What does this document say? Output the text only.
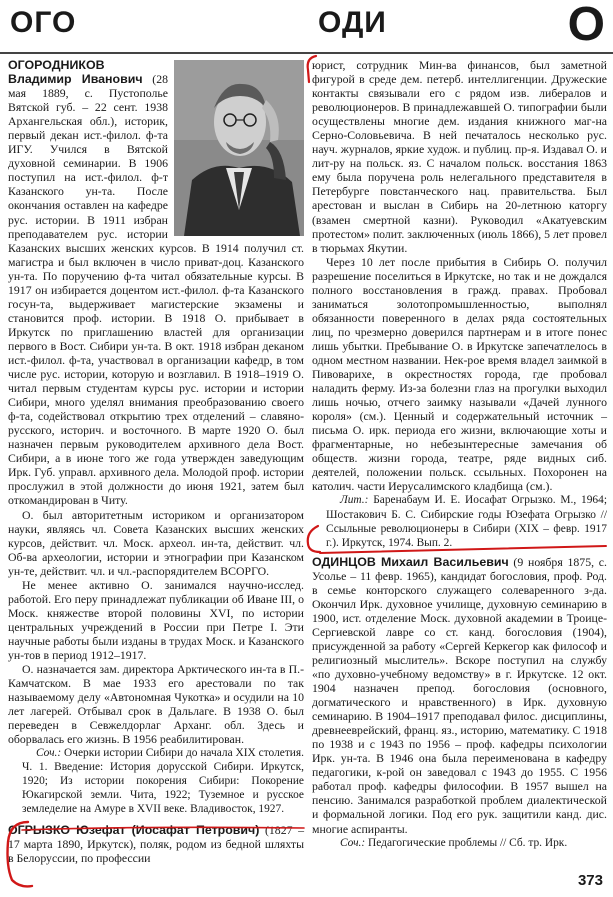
ОГО	ОДИ	О

ОГОРОДНИКОВ Владимир Иванович (28 мая 1889, с. Пустопольe Вятской губ. – 22 сент. 1938 Архангельская обл.), историк, первый декан ист.-филол. ф-та ИГУ. Учился в Вятской духовной семинарии. В 1906 поступил на ист.-филол. ф-т Казанского ун-та. После окончания оставлен на кафедре рус. истории. В 1911 избран преподавателем рус. истории Казанских высших женских курсов. В 1914 получил ст. магистра и был включен в число приват-доц. Казанского ун-та. По поручению ф-та читал обязательные курсы. В 1917 он избирается доцентом ист.-филол. ф-та Казанского госун-та, выдерживает магистерские экзамены и становится проф. истории. В 1918 О. прибывает в Иркутск по приглашению властей для организации первого в Вост. Сибири ун-та. В окт. 1918 избран деканом ист.-филол. ф-та, участвовал в организации кафедр, в том числе рус. истории, которую и возглавил. В 1918–1919 О. читал первым студентам курсы рус. истории и истории Сибири, много уделял внимания преобразованию своего ф-та, содействовал открытию трех отделений – славяно-русского, историч. и восточного. В марте 1920 О. был назначен первым руководителем архивного дела Вост. Сибири, а в июне того же года утвержден заведующим Ирк. Губ. управл. архивного дела. Молодой проф. истории прослужил в этой должности до июня 1921, затем был откомандирован в Читу.

О. был авторитетным историком и организатором науки, являясь чл. Совета Казанских высших женских курсов, действит. чл. Моск. археол. ин-та, действит. чл. Об-ва археологии, истории и этнографии при Казанском ун-те, действит. чл. и чл.-распорядителем ВСОРГО.

Не менее активно О. занимался научно-исслед. работой. Его перу принадлежат публикации об Иване III, о Моск. княжестве второй половины XVI, по истории центральных учреждений в России при Петре I. Эти научные работы были изданы в трудах Моск. и Казанского ун-тов в период 1912–1917.

О. назначается зам. директора Арктического ин-та в П.-Камчатском. В мае 1933 его арестовали по так называемому делу «Автономная Чукотка» и осудили на 10 лет лагерей. Отбывал срок в Дальлаге. В 1938 О. был переведен в Севжелдорлаг Арханг. обл. Здесь и оборвалась его жизнь. В 1956 реабилитирован.

Соч.: Очерки истории Сибири до начала XIX столетия. Ч. 1. Введение: История дорусской Сибири. Иркутск, 1920; Из истории покорения Сибири: Покорение Юкагирской земли. Чита, 1922; Туземное и русское земледелие на Амуре в XVII веке. Владивосток, 1927.

ОГРЫЗКО Юзефат (Иосафат Петрович) (1827 – 17 марта 1890, Иркутск), поляк, родом из бедной шляхты в Белоруссии, по профессии

юрист, сотрудник Мин-ва финансов, был заметной фигурой в среде дем. петерб. интеллигенции. Дружеские контакты связывали его с рядом изв. либералов и революционеров. В принадлежавшей О. типографии были осуществлены многие дем. издания книжного маг-на Серно-Соловьевича. В ней печаталось несколько рус. науч. журналов, яркие худож. и публиц. пр-я. Издавал О. и лит-ру на польск. яз. С началом польск. восстания 1863 ему была поручена роль нелегального представителя в Петербурге повстанческого нац. правительства. Был арестован и выслан в Сибирь на 20-летнюю каторгу (взамен смертной казни). Руководил «Акатуевским протестом» полит. заключенных (июль 1866), 5 лет провел в тюрьмах Якутии.

Через 10 лет после прибытия в Сибирь О. получил разрешение поселиться в Иркутске, но так и не дождался полного восстановления в гражд. правах. Пробовал заниматься золотопромышленностью, выполнял обязанности поверенного в делах ряда состоятельных лиц, по чрезмерно доверился партнерам и в итоге понес лишь убытки. Пребывание О. в Иркутске запечатлелось в одном местном названии. Нек-рое время владел заимкой в Пивоварихе, в окрестностях города, где пробовал наладить ферму. Из-за болезни глаз на прогулки выходил лишь ночью, отчего заимку называли «Дачей лунного короля» (см.). Ценный и содержательный источник – письма О. ирк. периода его жизни, включающие хоты и фрагментарные, но небезынтересные замечания об обществ. жизни города, театре, ряде видных сиб. деятелей, положении польск. ссыльных. Похоронен на католич. части Иерусалимского кладбища (см.).

Лит.: Баренабаум И. Е. Иосафат Огрызко. М., 1964; Шостакович Б. С. Сибирские годы Юзефата Огрызко // Ссыльные революционеры в Сибири (XIX – февр. 1917 г.). Иркутск, 1974. Вып. 2.

ОДИНЦОВ Михаил Васильевич (9 ноября 1875, с. Усолье – 11 февр. 1965), кандидат богословия, проф. Род. в семье конторского служащего солеваренного з-да. Окончил Ирк. духовное училище, духовную семинарию в 1900, ист. отделение Моск. духовной академии в Троице-Сергиевской лавре со ст. канд. богословия (1904), присужденной за работу «Сергей Керкегор как философ и религиозный мыслитель». Вскоре поступил на службу «по духовно-учебному ведомству» в г. Иркутске. 12 окт. 1904 назначен препод. богословия (основного, догматического и нравственного) в Ирк. духовную семинарию. В 1904–1917 преподавал филос. дисциплины, древнееврейский, франц. яз., историю, математику. С 1918 по 1938 и с 1943 по 1956 – проф. кафедры психологии Ирк. ун-та. В 1946 она была переименована в кафедру педагогики, к-рой он заведовал с 1943 до 1955. С 1956 работал проф. кафедры философии. В 1957 вышел на пенсию. Занимался разработкой проблем диалектической и формальной логики. Под его рук. защитили канд. дис. многие аспиранты.

Соч.: Педагогические проблемы // Сб. тр. Ирк.

373
